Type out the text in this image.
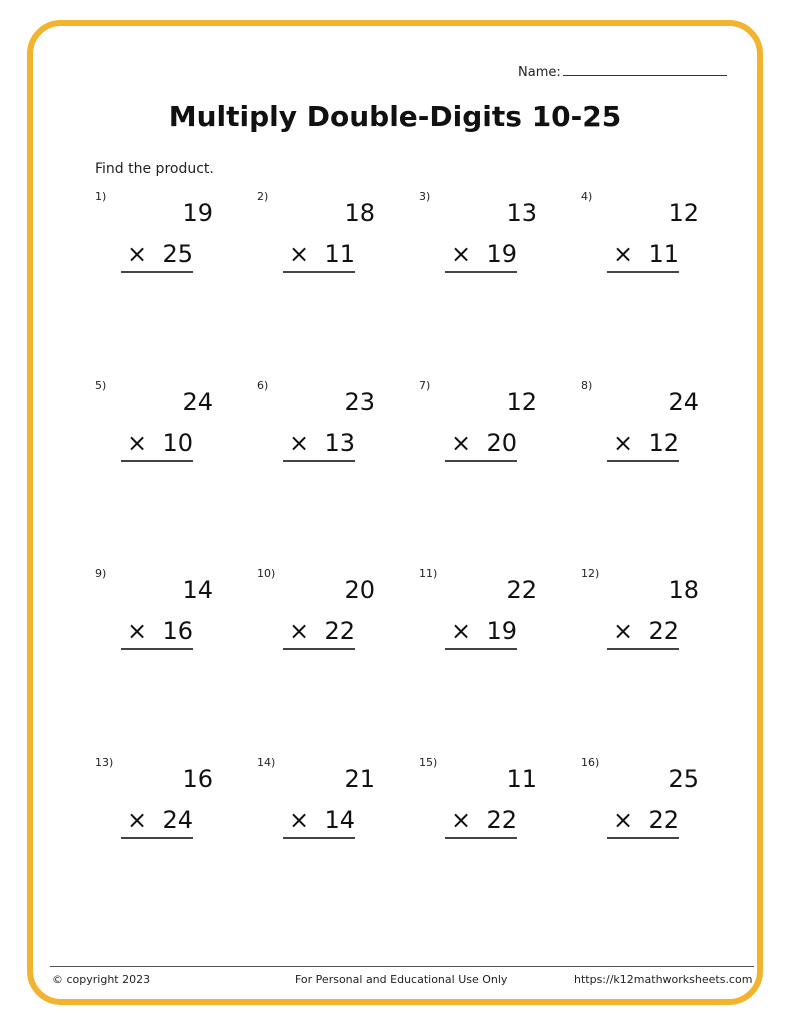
Name:
Multiply Double-Digits 10-25
Find the product.
1)
19
× 25
2)
18
× 11
3)
13
× 19
4)
12
× 11
5)
24
× 10
6)
23
× 13
7)
12
× 20
8)
24
× 12
9)
14
× 16
10)
20
× 22
11)
22
× 19
12)
18
× 22
13)
16
× 24
14)
21
× 14
15)
11
× 22
16)
25
× 22
© copyright 2023	For Personal and Educational Use Only	https://k12mathworksheets.com
